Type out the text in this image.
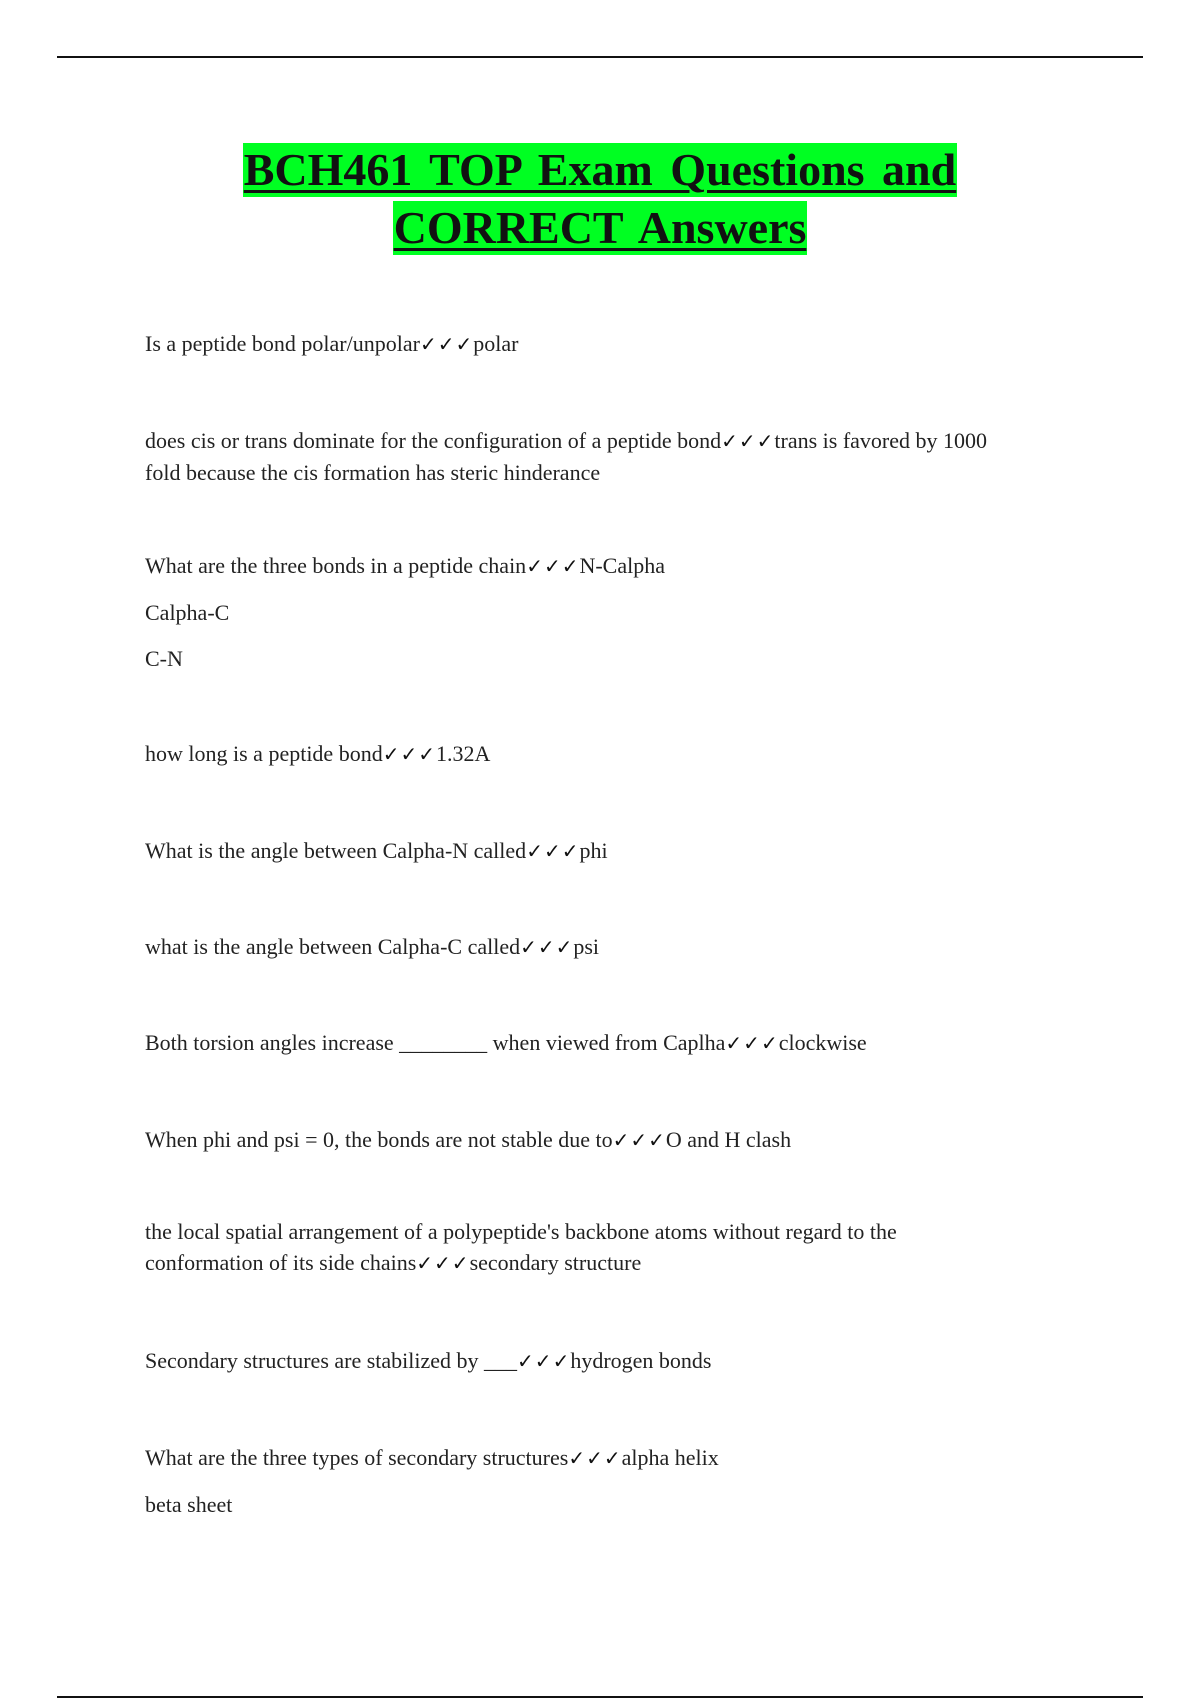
BCH461 TOP Exam Questions and
CORRECT Answers
Is a peptide bond polar/unpolar✓✓✓polar
does cis or trans dominate for the configuration of a peptide bond✓✓✓trans is favored by 1000 fold because the cis formation has steric hinderance
What are the three bonds in a peptide chain✓✓✓N-Calpha
Calpha-C
C-N
how long is a peptide bond✓✓✓1.32A
What is the angle between Calpha-N called✓✓✓phi
what is the angle between Calpha-C called✓✓✓psi
Both torsion angles increase ________ when viewed from Caplha✓✓✓clockwise
When phi and psi = 0, the bonds are not stable due to✓✓✓O and H clash
the local spatial arrangement of a polypeptide's backbone atoms without regard to the conformation of its side chains✓✓✓secondary structure
Secondary structures are stabilized by ___✓✓✓hydrogen bonds
What are the three types of secondary structures✓✓✓alpha helix
beta sheet
